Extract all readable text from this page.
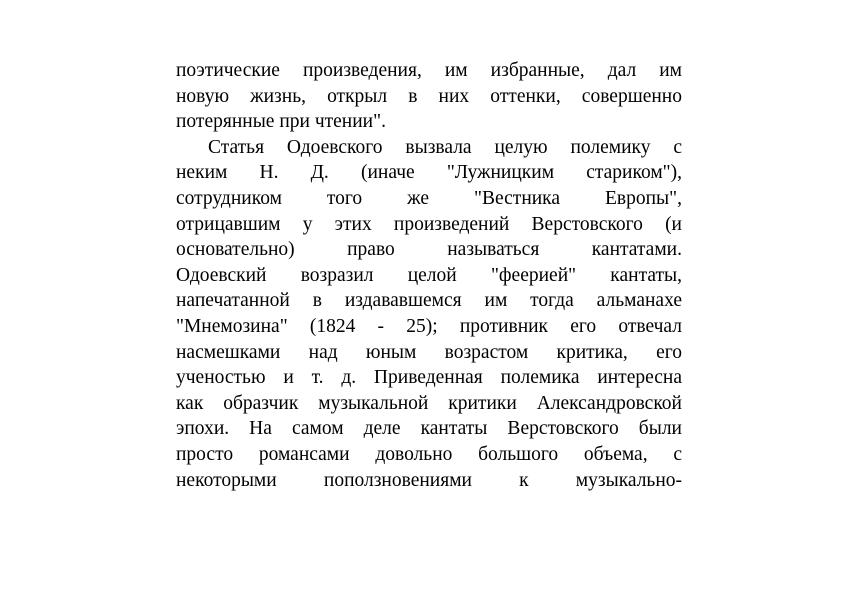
поэтические произведения, им избранные, дал им
новую жизнь, открыл в них оттенки, совершенно
потерянные при чтении".
Статья Одоевского вызвала целую полемику с
неким Н. Д. (иначе "Лужницким стариком"),
сотрудником того же "Вестника Европы",
отрицавшим у этих произведений Верстовского (и
основательно) право называться кантатами.
Одоевский возразил целой "феерией" кантаты,
напечатанной в издававшемся им тогда альманахе
"Мнемозина" (1824 - 25); противник его отвечал
насмешками над юным возрастом критика, его
ученостью и т. д. Приведенная полемика интересна
как образчик музыкальной критики Александровской
эпохи. На самом деле кантаты Верстовского были
просто романсами довольно большого объема, с
некоторыми поползновениями к музыкально-
